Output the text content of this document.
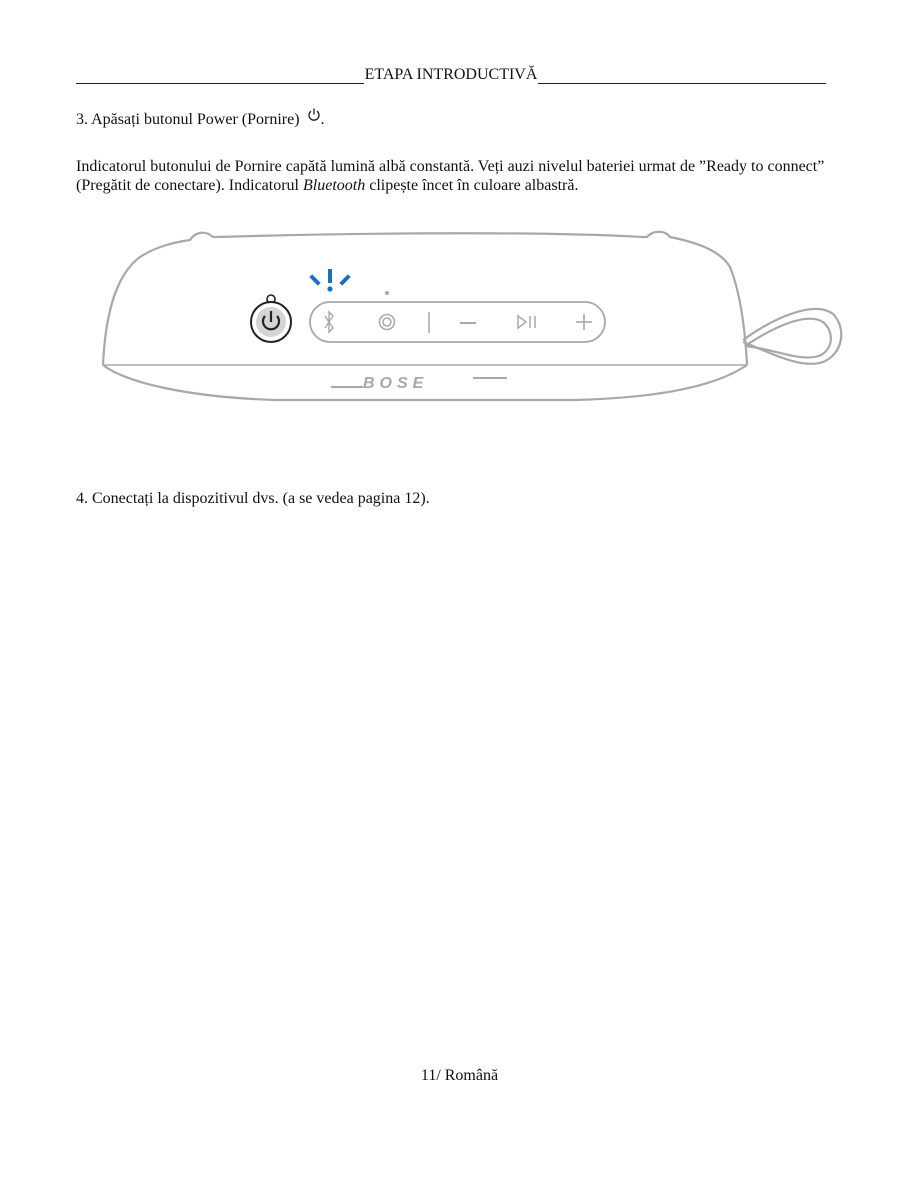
ETAPA INTRODUCTIVĂ
3. Apăsați butonul Power (Pornire) .
Indicatorul butonului de Pornire capătă lumină albă constantă. Veți auzi nivelul bateriei urmat de ”Ready to connect” (Pregătit de conectare). Indicatorul Bluetooth clipește încet în culoare albastră.
BOSE
4. Conectați la dispozitivul dvs. (a se vedea pagina 12).
11/ Română
